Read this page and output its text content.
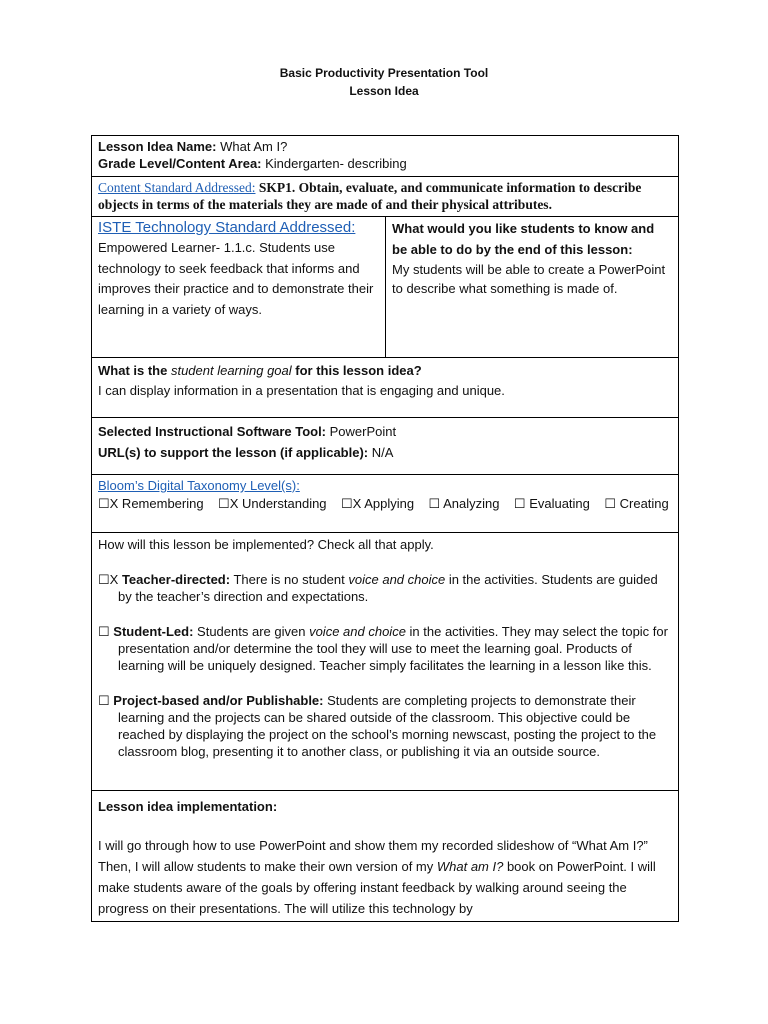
Basic Productivity Presentation Tool
Lesson Idea
Lesson Idea Name: What Am I?
Grade Level/Content Area: Kindergarten- describing

Content Standard Addressed: SKP1. Obtain, evaluate, and communicate information to describe objects in terms of the materials they are made of and their physical attributes.

ISTE Technology Standard Addressed:
Empowered Learner- 1.1.c. Students use technology to seek feedback that informs and improves their practice and to demonstrate their learning in a variety of ways.

What would you like students to know and be able to do by the end of this lesson:
My students will be able to create a PowerPoint to describe what something is made of.

What is the student learning goal for this lesson idea?
I can display information in a presentation that is engaging and unique.

Selected Instructional Software Tool: PowerPoint
URL(s) to support the lesson (if applicable): N/A

Bloom’s Digital Taxonomy Level(s):
☐X Remembering ☐X Understanding ☐X Applying ☐ Analyzing ☐ Evaluating ☐ Creating

How will this lesson be implemented? Check all that apply.

☐X Teacher-directed: There is no student voice and choice in the activities. Students are guided by the teacher’s direction and expectations.

☐ Student-Led: Students are given voice and choice in the activities. They may select the topic for presentation and/or determine the tool they will use to meet the learning goal. Products of learning will be uniquely designed. Teacher simply facilitates the learning in a lesson like this.

☐ Project-based and/or Publishable: Students are completing projects to demonstrate their learning and the projects can be shared outside of the classroom. This objective could be reached by displaying the project on the school’s morning newscast, posting the project to the classroom blog, presenting it to another class, or publishing it via an outside source.

Lesson idea implementation:

I will go through how to use PowerPoint and show them my recorded slideshow of “What Am I?” Then, I will allow students to make their own version of my What am I? book on PowerPoint. I will make students aware of the goals by offering instant feedback by walking around seeing the progress on their presentations. The will utilize this technology by
